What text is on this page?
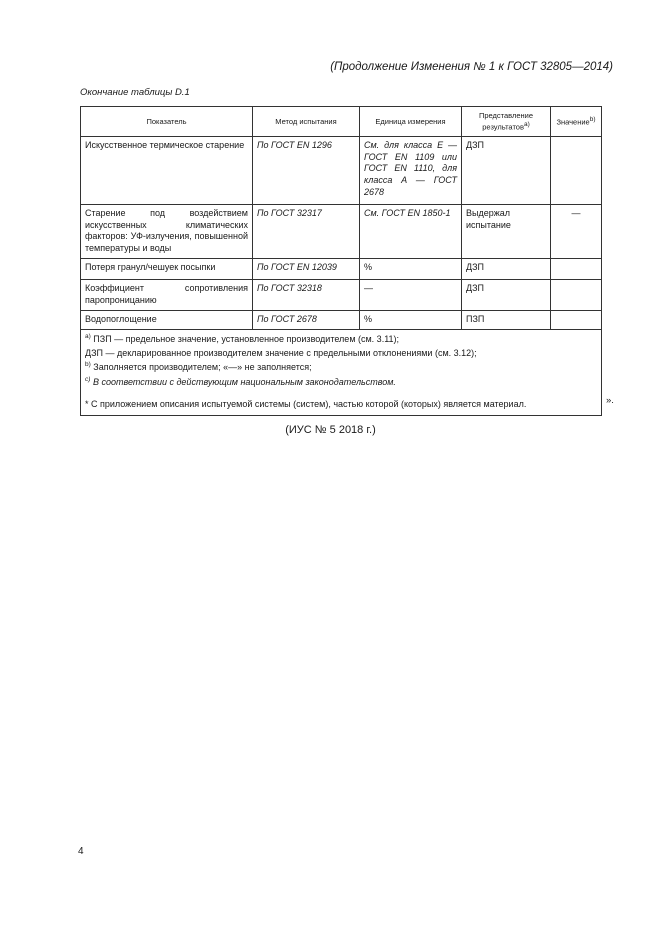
(Продолжение Изменения № 1 к ГОСТ 32805—2014)
Окончание таблицы D.1
Показатель	Метод испытания	Единица измерения	Представление результатов$^{а)}$	Значение$^{b)}$
Искусственное термическое старение	По ГОСТ EN 1296	См. для класса Е — ГОСТ EN 1109 или ГОСТ EN 1110, для класса А — ГОСТ 2678	ДЗП	
Старение под воздействием искусственных климатических факторов: УФ-излучения, повышенной температуры и воды	По ГОСТ 32317	См. ГОСТ EN 1850-1	Выдержал испытание	—
Потеря гранул/чешуек посыпки	По ГОСТ EN 12039	%	ДЗП	
Коэффициент сопротивления паропроницанию	По ГОСТ 32318	—	ДЗП	
Водопоглощение	По ГОСТ 2678	%	ПЗП	

$^{а)}$ ПЗП — предельное значение, установленное производителем (см. 3.11);
ДЗП — декларированное производителем значение с предельными отклонениями (см. 3.12);
$^{b)}$ Заполняется производителем; «—» не заполняется;
$^{с)}$ В соответствии с действующим национальным законодательством.
* С приложением описания испытуемой системы (систем), частью которой (которых) является материал.					».
(ИУС № 5 2018 г.)
4
